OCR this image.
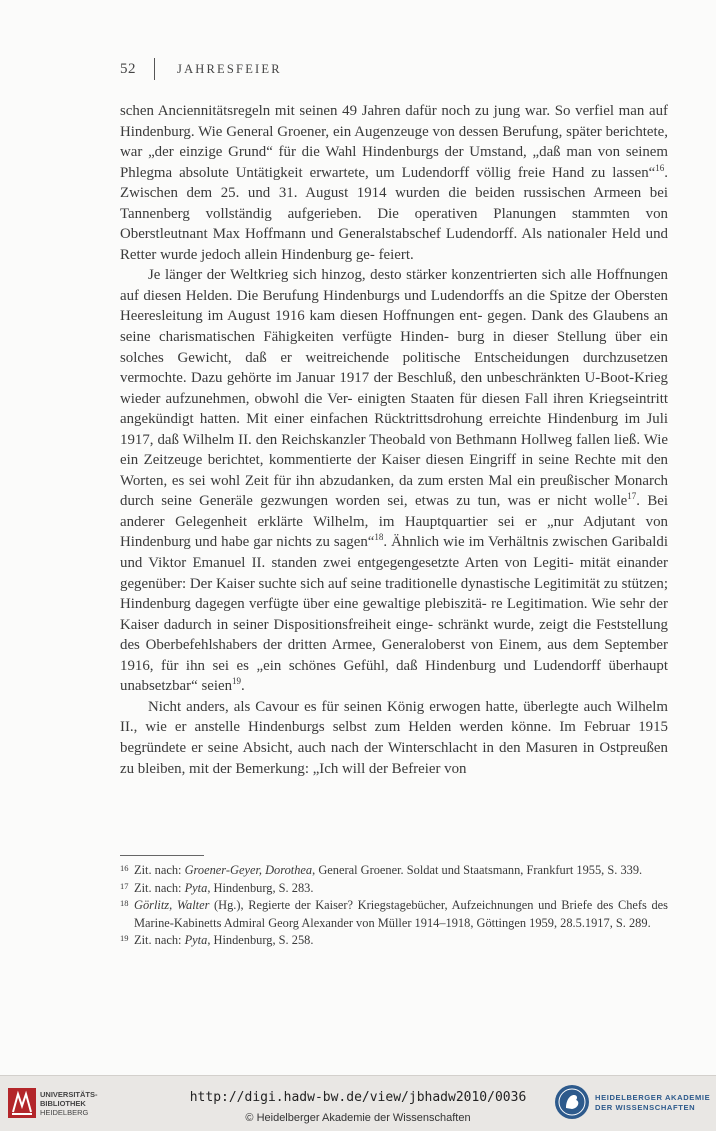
52	JAHRESFEIER

schen Anciennitätsregeln mit seinen 49 Jahren dafür noch zu jung war. So verfiel man auf Hindenburg. Wie General Groener, ein Augenzeuge von dessen Berufung, später berichtete, war „der einzige Grund“ für die Wahl Hindenburgs der Umstand, „daß man von seinem Phlegma absolute Untätigkeit erwartete, um Ludendorff völlig freie Hand zu lassen“$^{16}$. Zwischen dem 25. und 31. August 1914 wurden die beiden russischen Armeen bei Tannenberg vollständig aufgerieben. Die operativen Planungen stammten von Oberstleutnant Max Hoffmann und Generalstabschef Ludendorff. Als nationaler Held und Retter wurde jedoch allein Hindenburg ge- feiert.

Je länger der Weltkrieg sich hinzog, desto stärker konzentrierten sich alle Hoffnungen auf diesen Helden. Die Berufung Hindenburgs und Ludendorffs an die Spitze der Obersten Heeresleitung im August 1916 kam diesen Hoffnungen ent- gegen. Dank des Glaubens an seine charismatischen Fähigkeiten verfügte Hinden- burg in dieser Stellung über ein solches Gewicht, daß er weitreichende politische Entscheidungen durchzusetzen vermochte. Dazu gehörte im Januar 1917 der Beschluß, den unbeschränkten U-Boot-Krieg wieder aufzunehmen, obwohl die Ver- einigten Staaten für diesen Fall ihren Kriegseintritt angekündigt hatten. Mit einer einfachen Rücktrittsdrohung erreichte Hindenburg im Juli 1917, daß Wilhelm II. den Reichskanzler Theobald von Bethmann Hollweg fallen ließ. Wie ein Zeitzeuge berichtet, kommentierte der Kaiser diesen Eingriff in seine Rechte mit den Worten, es sei wohl Zeit für ihn abzudanken, da zum ersten Mal ein preußischer Monarch durch seine Generäle gezwungen worden sei, etwas zu tun, was er nicht wolle$^{17}$. Bei anderer Gelegenheit erklärte Wilhelm, im Hauptquartier sei er „nur Adjutant von Hindenburg und habe gar nichts zu sagen“$^{18}$. Ähnlich wie im Verhältnis zwischen Garibaldi und Viktor Emanuel II. standen zwei entgegengesetzte Arten von Legiti- mität einander gegenüber: Der Kaiser suchte sich auf seine traditionelle dynastische Legitimität zu stützen; Hindenburg dagegen verfügte über eine gewaltige plebiszitä- re Legitimation. Wie sehr der Kaiser dadurch in seiner Dispositionsfreiheit einge- schränkt wurde, zeigt die Feststellung des Oberbefehlshabers der dritten Armee, Generaloberst von Einem, aus dem September 1916, für ihn sei es „ein schönes Gefühl, daß Hindenburg und Ludendorff überhaupt unabsetzbar“ seien$^{19}$.

Nicht anders, als Cavour es für seinen König erwogen hatte, überlegte auch Wilhelm II., wie er anstelle Hindenburgs selbst zum Helden werden könne. Im Februar 1915 begründete er seine Absicht, auch nach der Winterschlacht in den Masuren in Ostpreußen zu bleiben, mit der Bemerkung: „Ich will der Befreier von

16 Zit. nach: Groener-Geyer, Dorothea, General Groener. Soldat und Staatsmann, Frankfurt 1955, S. 339.
17 Zit. nach: Pyta, Hindenburg, S. 283.
18 Görlitz, Walter (Hg.), Regierte der Kaiser? Kriegstagebücher, Aufzeichnungen und Briefe des Chefs des Marine-Kabinetts Admiral Georg Alexander von Müller 1914–1918, Göttingen 1959, 28.5.1917, S. 289.
19 Zit. nach: Pyta, Hindenburg, S. 258.
UNIVERSITÄTS-
BIBLIOTHEK
HEIDELBERG
http://digi.hadw-bw.de/view/jbhadw2010/0036
© Heidelberger Akademie der Wissenschaften
HEIDELBERGER AKADEMIE
DER WISSENSCHAFTEN
